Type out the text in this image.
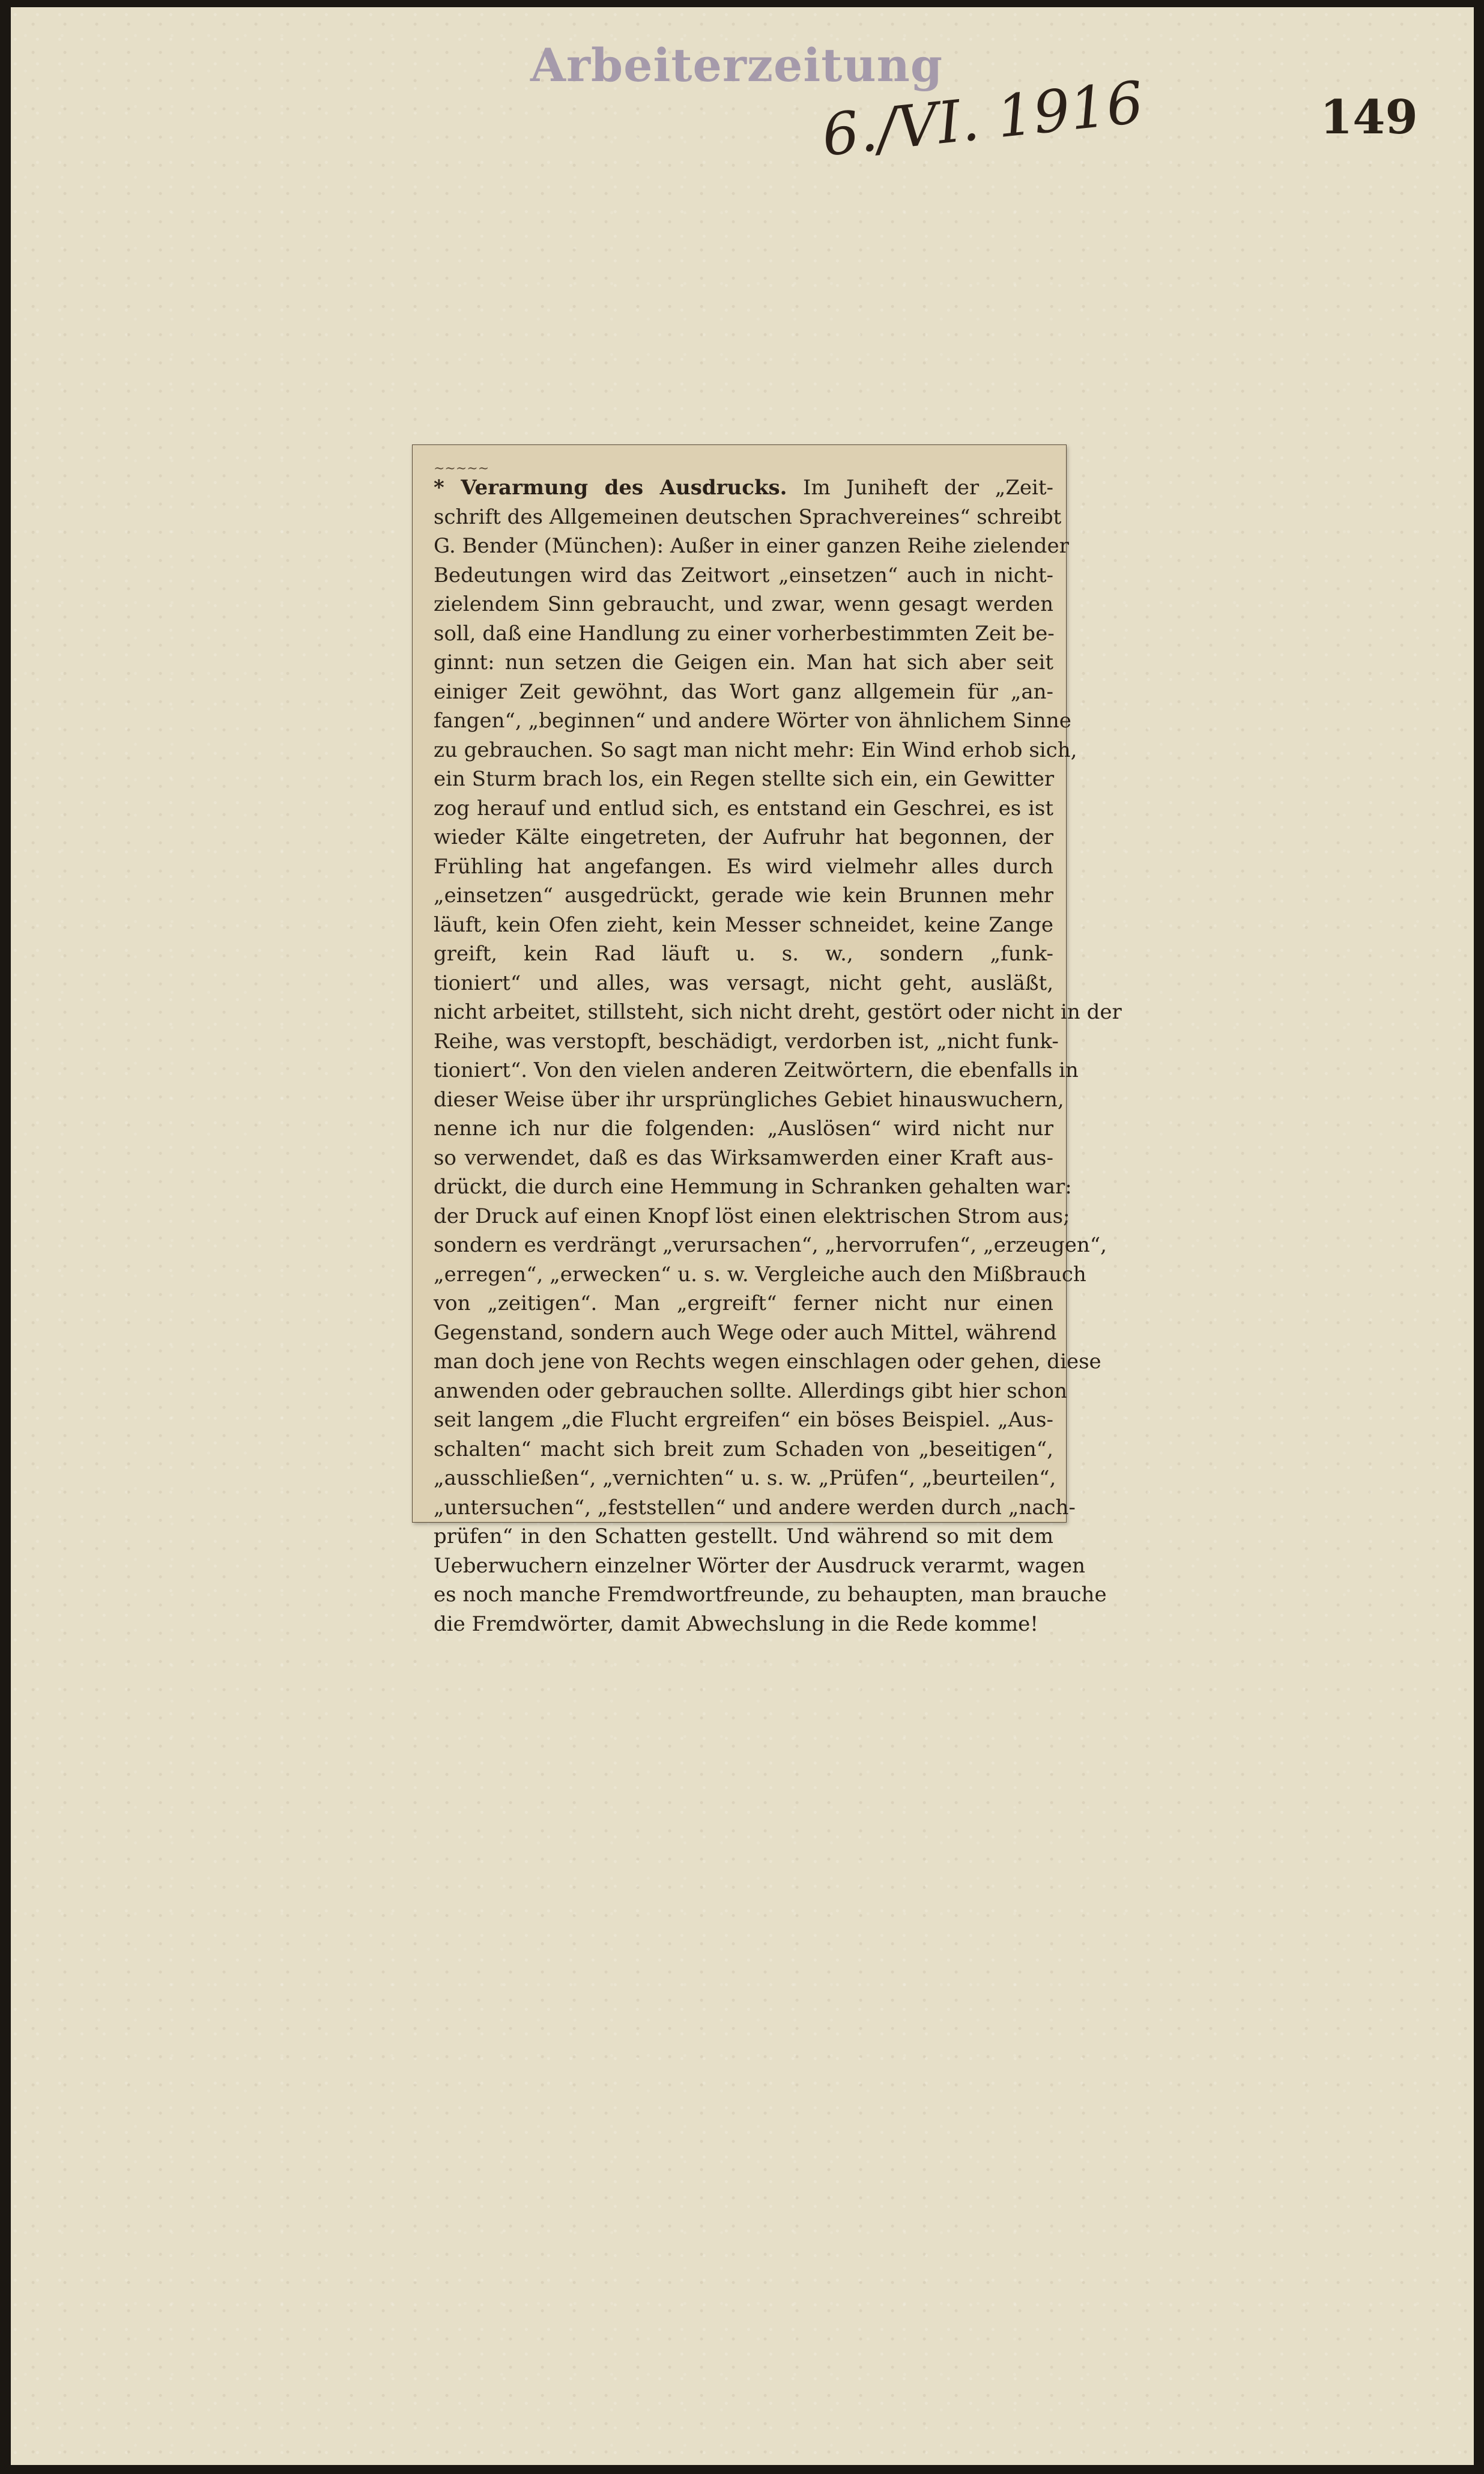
Arbeiterzeitung
6./VI. 1916	149
~~~~~
* Verarmung des Ausdrucks. Im Juniheft der „Zeit-
schrift des Allgemeinen deutschen Sprachvereines“ schreibt
G. Bender (München): Außer in einer ganzen Reihe zielender
Bedeutungen wird das Zeitwort „einsetzen“ auch in nicht-
zielendem Sinn gebraucht, und zwar, wenn gesagt werden
soll, daß eine Handlung zu einer vorherbestimmten Zeit be-
ginnt: nun setzen die Geigen ein. Man hat sich aber seit
einiger Zeit gewöhnt, das Wort ganz allgemein für „an-
fangen“, „beginnen“ und andere Wörter von ähnlichem Sinne
zu gebrauchen. So sagt man nicht mehr: Ein Wind erhob sich,
ein Sturm brach los, ein Regen stellte sich ein, ein Gewitter
zog herauf und entlud sich, es entstand ein Geschrei, es ist
wieder Kälte eingetreten, der Aufruhr hat begonnen, der
Frühling hat angefangen. Es wird vielmehr alles durch
„einsetzen“ ausgedrückt, gerade wie kein Brunnen mehr
läuft, kein Ofen zieht, kein Messer schneidet, keine Zange
greift, kein Rad läuft u. s. w., sondern „funk-
tioniert“ und alles, was versagt, nicht geht, ausläßt,
nicht arbeitet, stillsteht, sich nicht dreht, gestört oder nicht in der
Reihe, was verstopft, beschädigt, verdorben ist, „nicht funk-
tioniert“. Von den vielen anderen Zeitwörtern, die ebenfalls in
dieser Weise über ihr ursprüngliches Gebiet hinauswuchern,
nenne ich nur die folgenden: „Auslösen“ wird nicht nur
so verwendet, daß es das Wirksamwerden einer Kraft aus-
drückt, die durch eine Hemmung in Schranken gehalten war:
der Druck auf einen Knopf löst einen elektrischen Strom aus;
sondern es verdrängt „verursachen“, „hervorrufen“, „erzeugen“,
„erregen“, „erwecken“ u. s. w. Vergleiche auch den Mißbrauch
von „zeitigen“. Man „ergreift“ ferner nicht nur einen
Gegenstand, sondern auch Wege oder auch Mittel, während
man doch jene von Rechts wegen einschlagen oder gehen, diese
anwenden oder gebrauchen sollte. Allerdings gibt hier schon
seit langem „die Flucht ergreifen“ ein böses Beispiel. „Aus-
schalten“ macht sich breit zum Schaden von „beseitigen“,
„ausschließen“, „vernichten“ u. s. w. „Prüfen“, „beurteilen“,
„untersuchen“, „feststellen“ und andere werden durch „nach-
prüfen“ in den Schatten gestellt. Und während so mit dem
Ueberwuchern einzelner Wörter der Ausdruck verarmt, wagen
es noch manche Fremdwortfreunde, zu behaupten, man brauche
die Fremdwörter, damit Abwechslung in die Rede komme!
